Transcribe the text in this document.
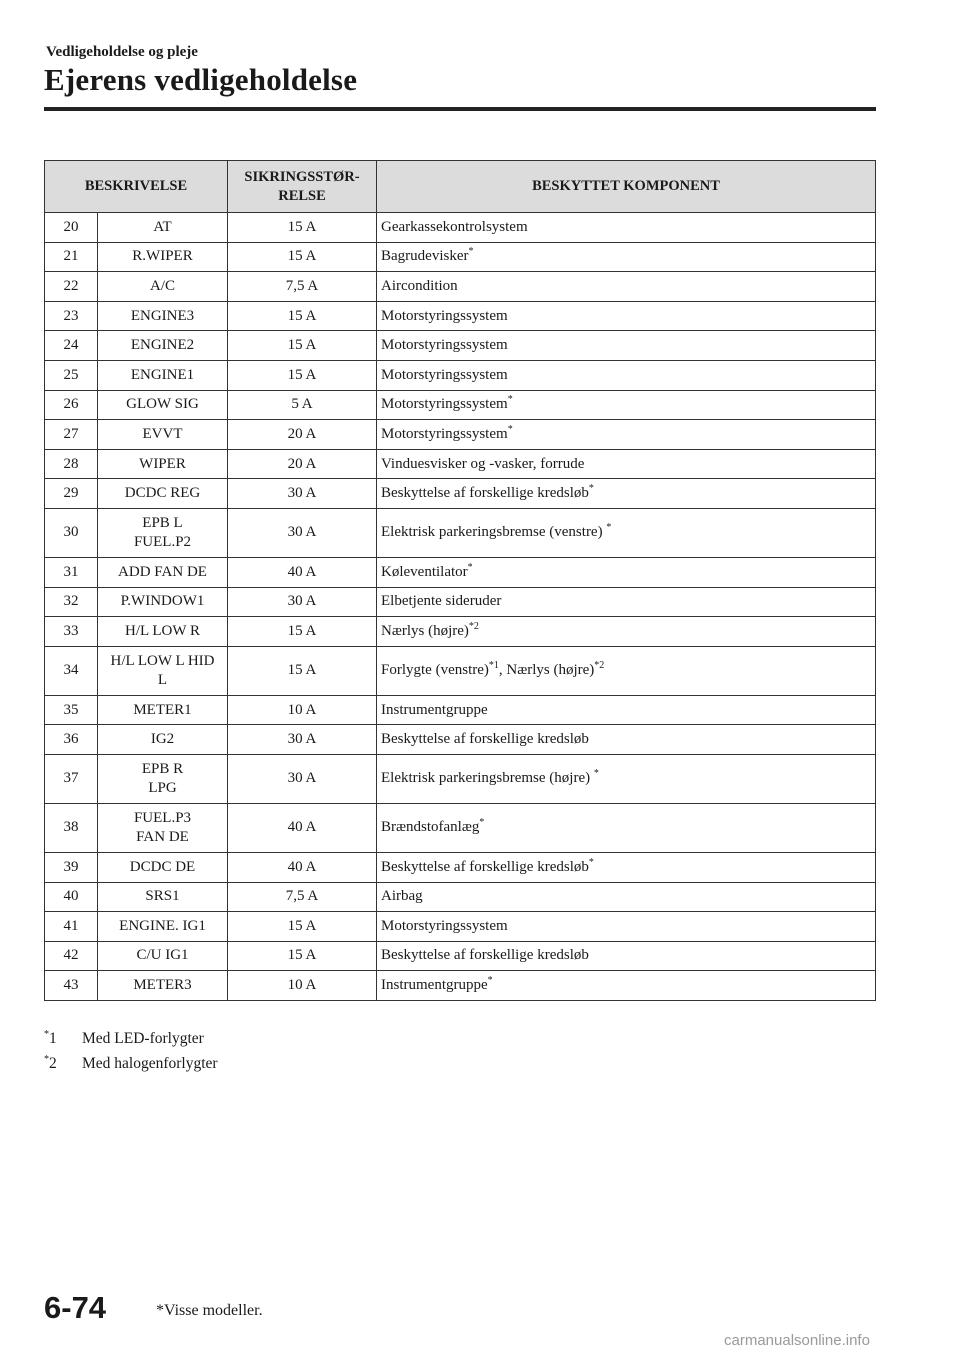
Vedligeholdelse og pleje
Ejerens vedligeholdelse
BESKRIVELSE		SIKRINGSSTØR-
RELSE	BESKYTTET KOMPONENT
20	AT	15 A	Gearkassekontrolsystem
21	R.WIPER	15 A	Bagrudevisker*
22	A/C	7,5 A	Aircondition
23	ENGINE3	15 A	Motorstyringssystem
24	ENGINE2	15 A	Motorstyringssystem
25	ENGINE1	15 A	Motorstyringssystem
26	GLOW SIG	5 A	Motorstyringssystem*
27	EVVT	20 A	Motorstyringssystem*
28	WIPER	20 A	Vinduesvisker og -vasker, forrude
29	DCDC REG	30 A	Beskyttelse af forskellige kredsløb*
30	EPB L
FUEL.P2	30 A	Elektrisk parkeringsbremse (venstre) *
31	ADD FAN DE	40 A	Køleventilator*
32	P.WINDOW1	30 A	Elbetjente sideruder
33	H/L LOW R	15 A	Nærlys (højre)$^{*2}$
34	H/L LOW L HID
L	15 A	Forlygte (venstre)$^{*1}$, Nærlys (højre)$^{*2}$
35	METER1	10 A	Instrumentgruppe
36	IG2	30 A	Beskyttelse af forskellige kredsløb
37	EPB R
LPG	30 A	Elektrisk parkeringsbremse (højre) *
38	FUEL.P3
FAN DE	40 A	Brændstofanlæg*
39	DCDC DE	40 A	Beskyttelse af forskellige kredsløb*
40	SRS1	7,5 A	Airbag
41	ENGINE. IG1	15 A	Motorstyringssystem
42	C/U IG1	15 A	Beskyttelse af forskellige kredsløb
43	METER3	10 A	Instrumentgruppe*
*1 Med LED-forlygter
*2 Med halogenforlygter
6-74	*Visse modeller.
carmanualsonline.info
